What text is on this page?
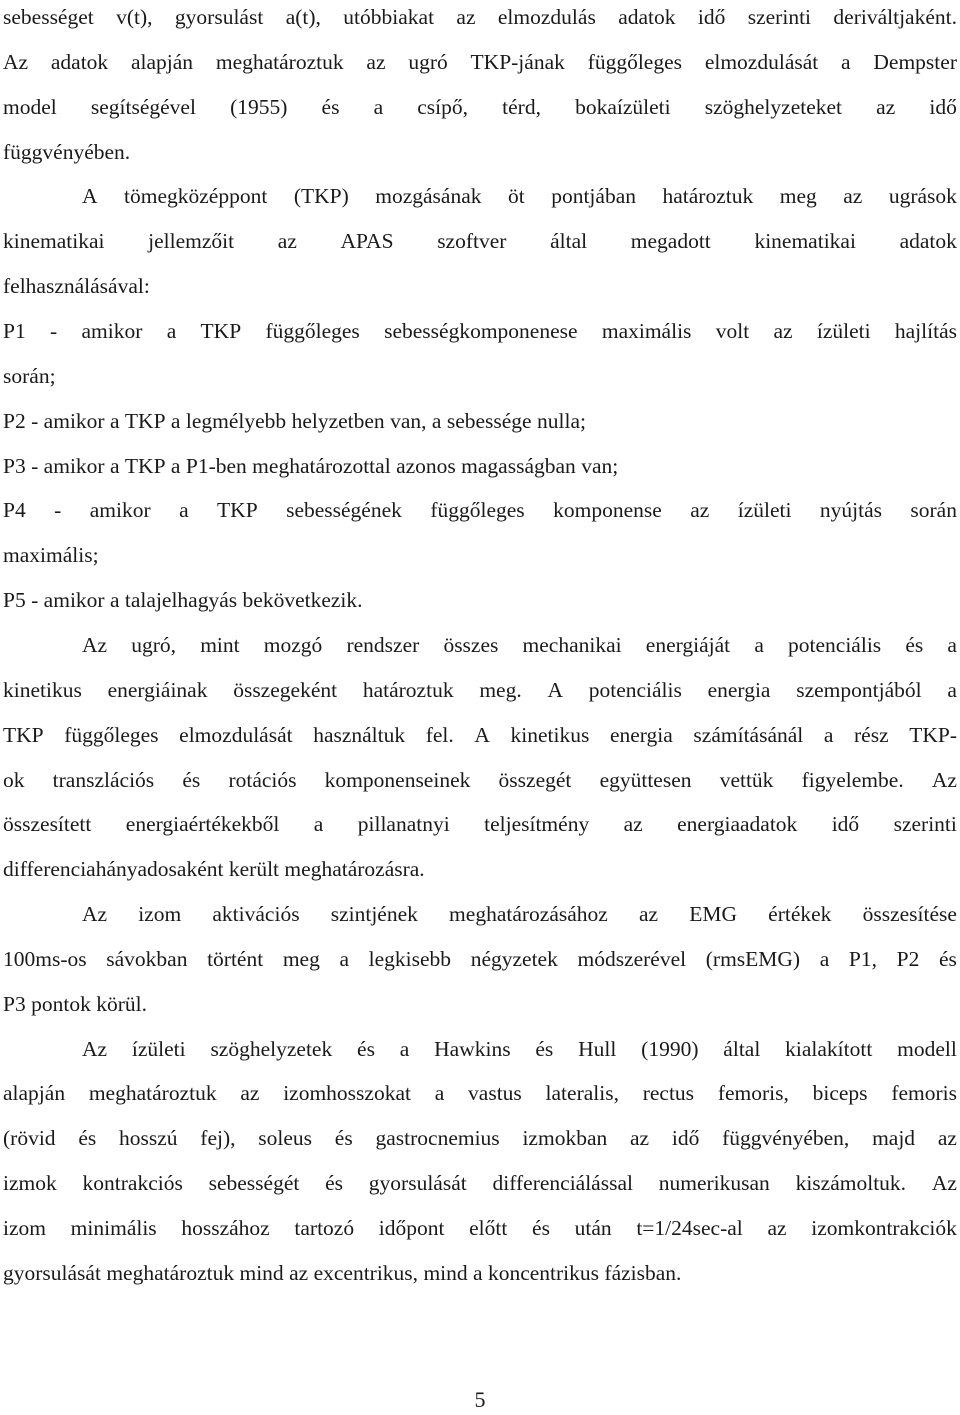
sebességet v(t), gyorsulást a(t), utóbbiakat az elmozdulás adatok idő szerinti deriváltjaként.
Az adatok alapján meghatároztuk az ugró TKP-jának függőleges elmozdulását a Dempster
model segítségével (1955) és a csípő, térd, bokaízületi szöghelyzeteket az idő
függvényében.
A tömegközéppont (TKP) mozgásának öt pontjában határoztuk meg az ugrások
kinematikai jellemzőit az APAS szoftver által megadott kinematikai adatok
felhasználásával:
P1 - amikor a TKP függőleges sebességkomponenese maximális volt az ízületi hajlítás
során;
P2 - amikor a TKP a legmélyebb helyzetben van, a sebessége nulla;
P3 - amikor a TKP a P1-ben meghatározottal azonos magasságban van;
P4 - amikor a TKP sebességének függőleges komponense az ízületi nyújtás során
maximális;
P5 - amikor a talajelhagyás bekövetkezik.
Az ugró, mint mozgó rendszer összes mechanikai energiáját a potenciális és a
kinetikus energiáinak összegeként határoztuk meg. A potenciális energia szempontjából a
TKP függőleges elmozdulását használtuk fel. A kinetikus energia számításánál a rész TKP-
ok transzlációs és rotációs komponenseinek összegét együttesen vettük figyelembe. Az
összesített energiaértékekből a pillanatnyi teljesítmény az energiaadatok idő szerinti
differenciahányadosaként került meghatározásra.
Az izom aktivációs szintjének meghatározásához az EMG értékek összesítése
100ms-os sávokban történt meg a legkisebb négyzetek módszerével (rmsEMG) a P1, P2 és
P3 pontok körül.
Az ízületi szöghelyzetek és a Hawkins és Hull (1990) által kialakított modell
alapján meghatároztuk az izomhosszokat a vastus lateralis, rectus femoris, biceps femoris
(rövid és hosszú fej), soleus és gastrocnemius izmokban az idő függvényében, majd az
izmok kontrakciós sebességét és gyorsulását differenciálással numerikusan kiszámoltuk. Az
izom minimális hosszához tartozó időpont előtt és után t=1/24sec-al az izomkontrakciók
gyorsulását meghatároztuk mind az excentrikus, mind a koncentrikus fázisban.
5
